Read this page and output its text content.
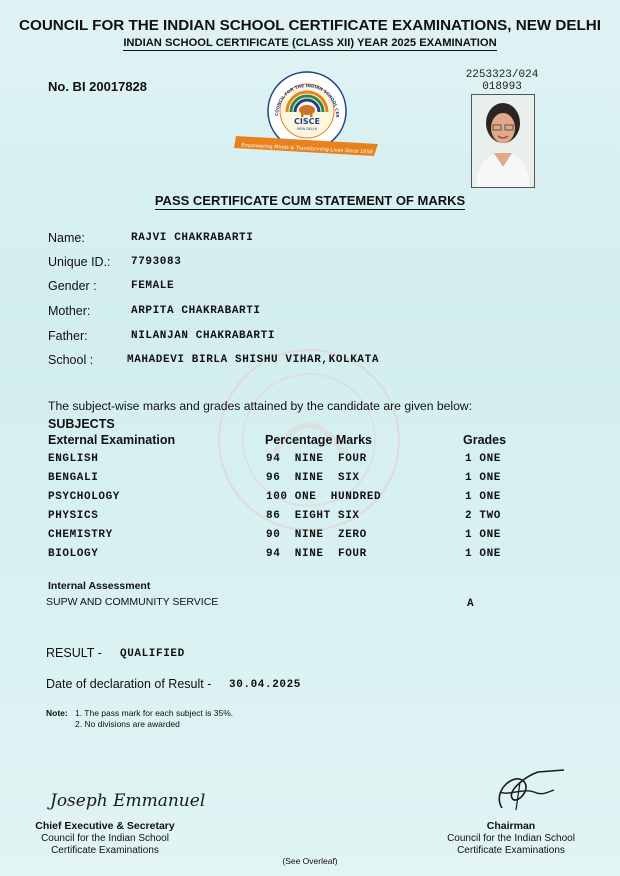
COUNCIL FOR THE INDIAN SCHOOL CERTIFICATE EXAMINATIONS, NEW DELHI
INDIAN SCHOOL CERTIFICATE (CLASS XII) YEAR 2025 EXAMINATION
No. BI 20017828
2253323/024
018993
COUNCIL FOR THE INDIAN SCHOOL CER
CISCE
NEW DELHI
Empowering Minds & Transforming Lives Since 1958
PASS CERTIFICATE CUM STATEMENT OF MARKS
Name:	RAJVI CHAKRABARTI
Unique ID.: 7793083
Gender :	FEMALE
Mother:	ARPITA CHAKRABARTI
Father:	NILANJAN CHAKRABARTI
School :	MAHADEVI BIRLA SHISHU VIHAR,KOLKATA
The subject-wise marks and grades attained by the candidate are given below:
SUBJECTS
External Examination	Percentage Marks	Grades
ENGLISH	94  NINE  FOUR	1 ONE
BENGALI	96  NINE  SIX	1 ONE
PSYCHOLOGY	100 ONE  HUNDRED	1 ONE
PHYSICS	86  EIGHT SIX	2 TWO
CHEMISTRY	90  NINE  ZERO	1 ONE
BIOLOGY	94  NINE  FOUR	1 ONE
Internal Assessment
SUPW AND COMMUNITY SERVICE	A
RESULT - QUALIFIED
Date of declaration of Result - 30.04.2025
Note: 1. The pass mark for each subject is 35%.
2. No divisions are awarded
Joseph Emmanuel
Chief Executive & Secretary
Council for the Indian School
Certificate Examinations
Chairman
Council for the Indian School
Certificate Examinations
(See Overleaf)
